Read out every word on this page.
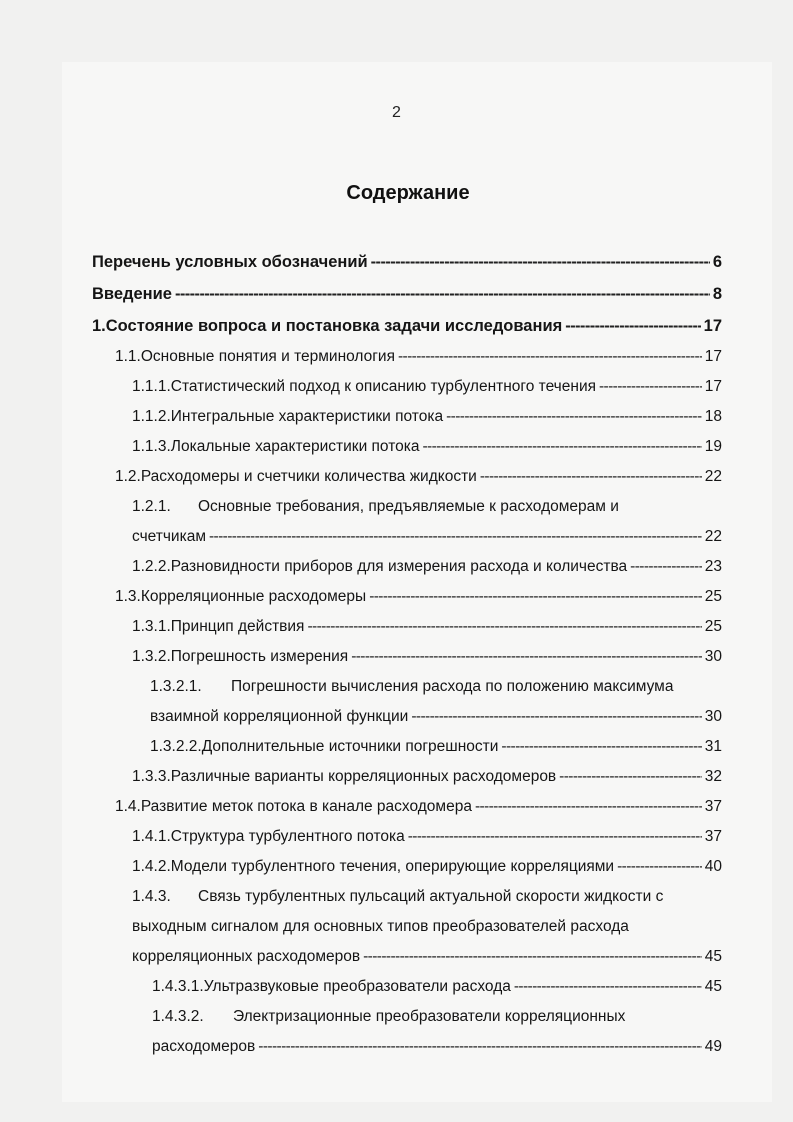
2
Содержание
Перечень условных обозначений -----	6
Введение -----	8
1. Состояние вопроса и постановка задачи исследования -----	17
1.1. Основные понятия и терминология -----	17
1.1.1. Статистический подход к описанию турбулентного течения -----	17
1.1.2. Интегральные характеристики потока -----	18
1.1.3. Локальные характеристики потока -----	19
1.2. Расходомеры и счетчики количества жидкости -----	22
1.2.1.	Основные требования, предъявляемые к расходомерам и
счетчикам -----	22
1.2.2. Разновидности приборов для измерения расхода и количества -----	23
1.3. Корреляционные расходомеры -----	25
1.3.1. Принцип действия -----	25
1.3.2. Погрешность измерения -----	30
1.3.2.1.	Погрешности вычисления расхода по положению максимума
взаимной корреляционной функции -----	30
1.3.2.2. Дополнительные источники погрешности -----	31
1.3.3. Различные варианты корреляционных расходомеров -----	32
1.4. Развитие меток потока в канале расходомера -----	37
1.4.1. Структура турбулентного потока -----	37
1.4.2. Модели турбулентного течения, оперирующие корреляциями -----	40
1.4.3.	Связь турбулентных пульсаций актуальной скорости жидкости с
выходным сигналом для основных типов преобразователей расхода
корреляционных расходомеров -----	45
1.4.3.1. Ультразвуковые преобразователи расхода -----	45
1.4.3.2.	Электризационные преобразователи корреляционных
расходомеров -----	49
